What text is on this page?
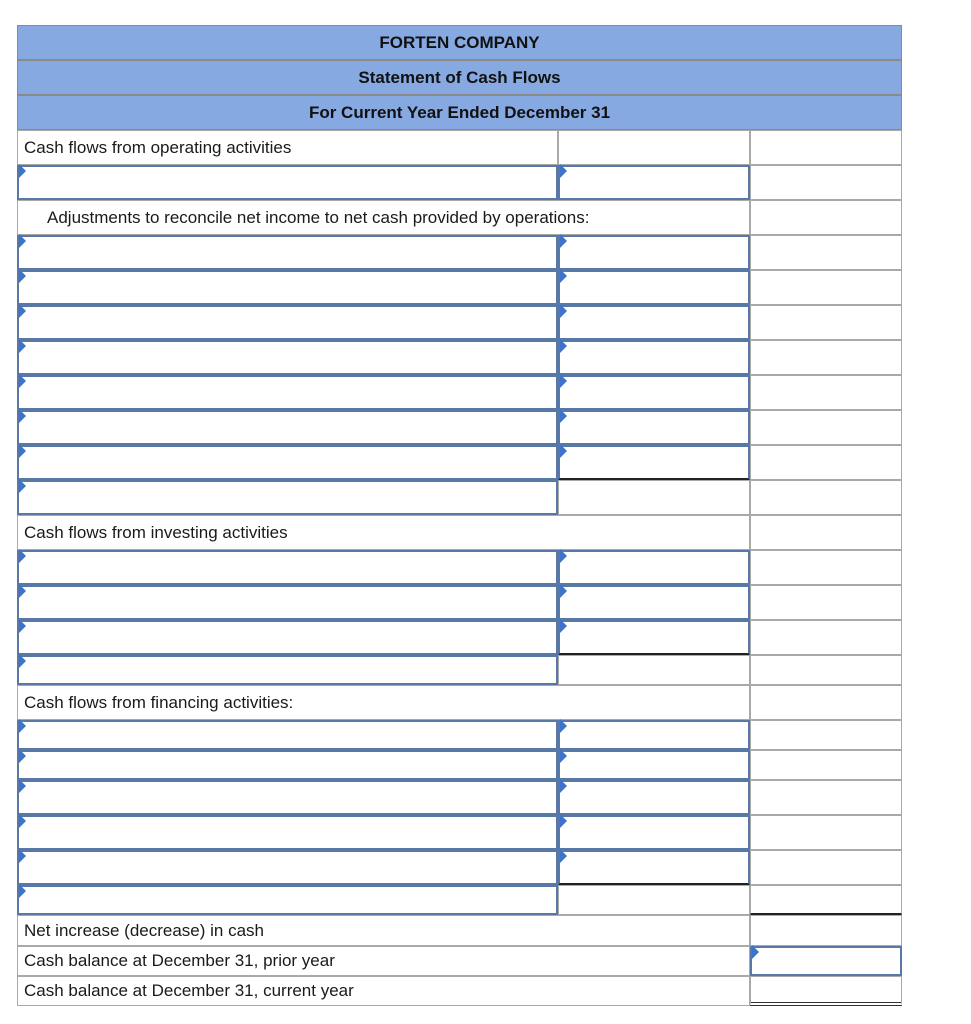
FORTEN COMPANY
Statement of Cash Flows
For Current Year Ended December 31
Cash flows from operating activities
Adjustments to reconcile net income to net cash provided by operations:
Cash flows from investing activities
Cash flows from financing activities:
Net increase (decrease) in cash
Cash balance at December 31, prior year
Cash balance at December 31, current year
